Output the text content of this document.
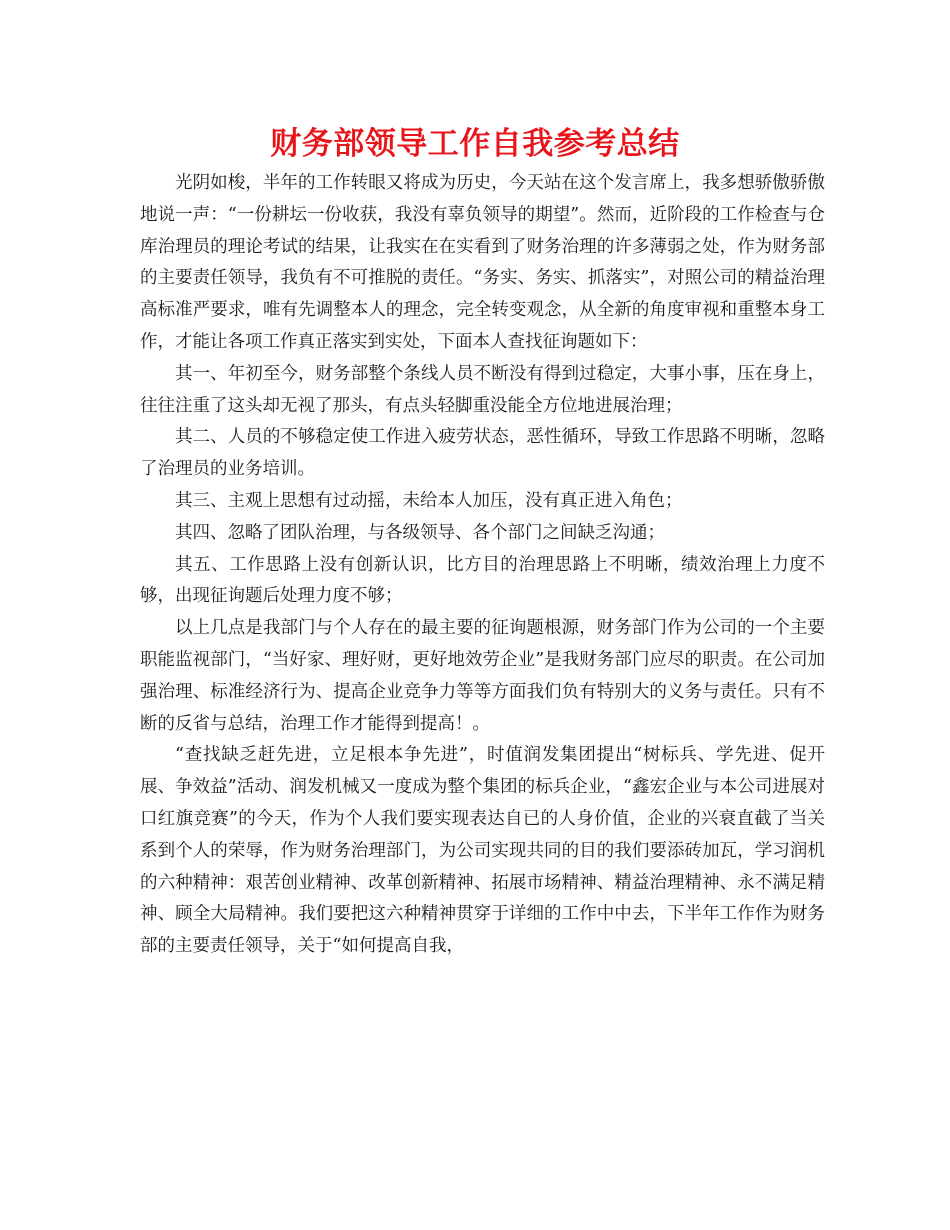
财务部领导工作自我参考总结

光阴如梭，半年的工作转眼又将成为历史，今天站在这个发言席上，我多想骄傲骄傲地说一声：“一份耕坛一份收获，我没有辜负领导的期望”。然而，近阶段的工作检查与仓库治理员的理论考试的结果，让我实在在实看到了财务治理的许多薄弱之处，作为财务部的主要责任领导，我负有不可推脱的责任。“务实、务实、抓落实”，对照公司的精益治理高标准严要求，唯有先调整本人的理念，完全转变观念，从全新的角度审视和重整本身工作，才能让各项工作真正落实到实处，下面本人查找征询题如下：

其一、年初至今，财务部整个条线人员不断没有得到过稳定，大事小事，压在身上，往往注重了这头却无视了那头，有点头轻脚重没能全方位地进展治理；

其二、人员的不够稳定使工作进入疲劳状态，恶性循环，导致工作思路不明晰，忽略了治理员的业务培训。

其三、主观上思想有过动摇，未给本人加压，没有真正进入角色；

其四、忽略了团队治理，与各级领导、各个部门之间缺乏沟通；

其五、工作思路上没有创新认识，比方目的治理思路上不明晰，绩效治理上力度不够，出现征询题后处理力度不够；

以上几点是我部门与个人存在的最主要的征询题根源，财务部门作为公司的一个主要职能监视部门，“当好家、理好财，更好地效劳企业”是我财务部门应尽的职责。在公司加强治理、标准经济行为、提高企业竞争力等等方面我们负有特别大的义务与责任。只有不断的反省与总结，治理工作才能得到提高！。

“查找缺乏赶先进，立足根本争先进”，时值润发集团提出“树标兵、学先进、促开展、争效益”活动、润发机械又一度成为整个集团的标兵企业，“鑫宏企业与本公司进展对口红旗竞赛”的今天，作为个人我们要实现表达自已的人身价值，企业的兴衰直截了当关系到个人的荣辱，作为财务治理部门，为公司实现共同的目的我们要添砖加瓦，学习润机的六种精神：艰苦创业精神、改革创新精神、拓展市场精神、精益治理精神、永不满足精神、顾全大局精神。我们要把这六种精神贯穿于详细的工作中中去，下半年工作作为财务部的主要责任领导，关于“如何提高自我，
